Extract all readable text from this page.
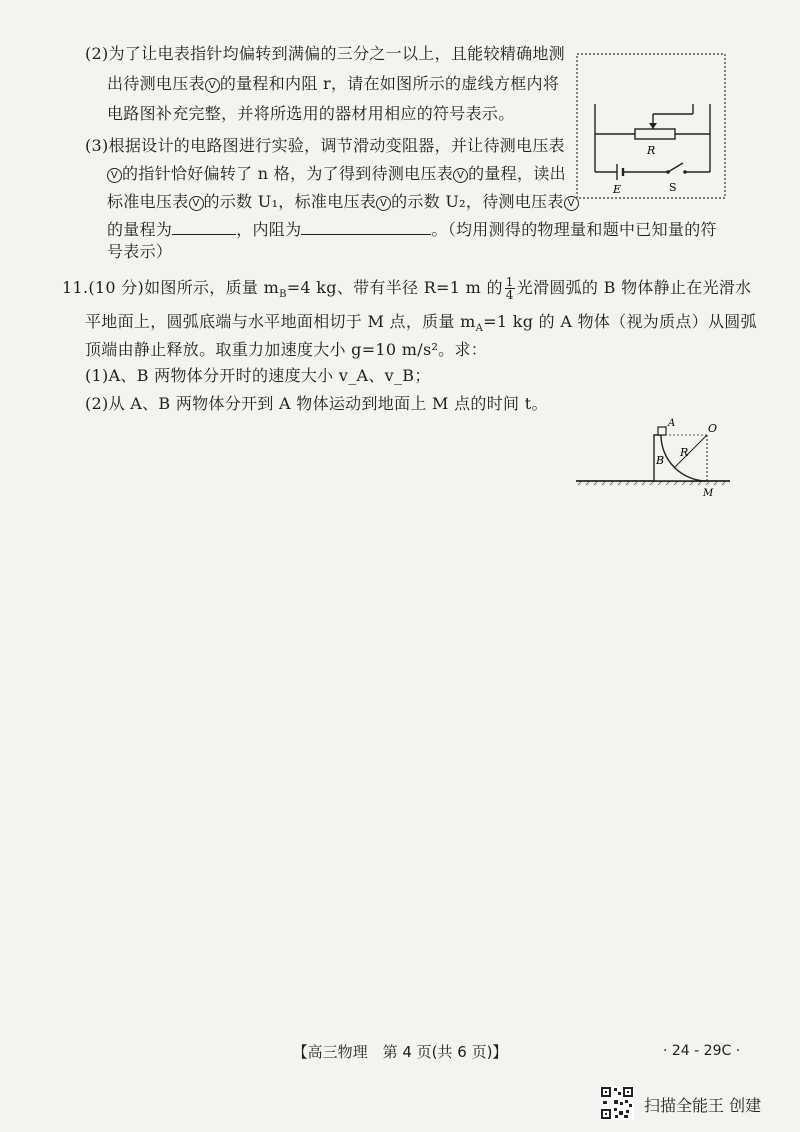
(2)为了让电表指针均偏转到满偏的三分之一以上，且能较精确地测
出待测电压表 V 的量程和内阻 r，请在如图所示的虚线方框内将
电路图补充完整，并将所选用的器材用相应的符号表示。
(3)根据设计的电路图进行实验，调节滑动变阻器，并让待测电压表
V 的指针恰好偏转了 n 格，为了得到待测电压表 V 的量程，读出
标准电压表 V 的示数 U₁，标准电压表 V 的示数 U₂，待测电压表 V
的量程为	，内阻为	。（均用测得的物理量和题中已知量的符
号表示）
R
E	S
11.(10 分)如图所示，质量 $m_B=4$ kg、带有半径 R=1 m 的 $\frac{1}{4}$ 光滑圆弧的 B 物体静止在光滑水
平地面上，圆弧底端与水平地面相切于 M 点，质量 $m_A=1$ kg 的 A 物体（视为质点）从圆弧
顶端由静止释放。取重力加速度大小 g=10 m/s²。求：
(1)A、B 两物体分开时的速度大小 v_A、v_B；
(2)从 A、B 两物体分开到 A 物体运动到地面上 M 点的时间 t。
A
B
R
O
M
【高三物理　第 4 页(共 6 页)】	· 24 - 29C ·
扫描全能王 创建
